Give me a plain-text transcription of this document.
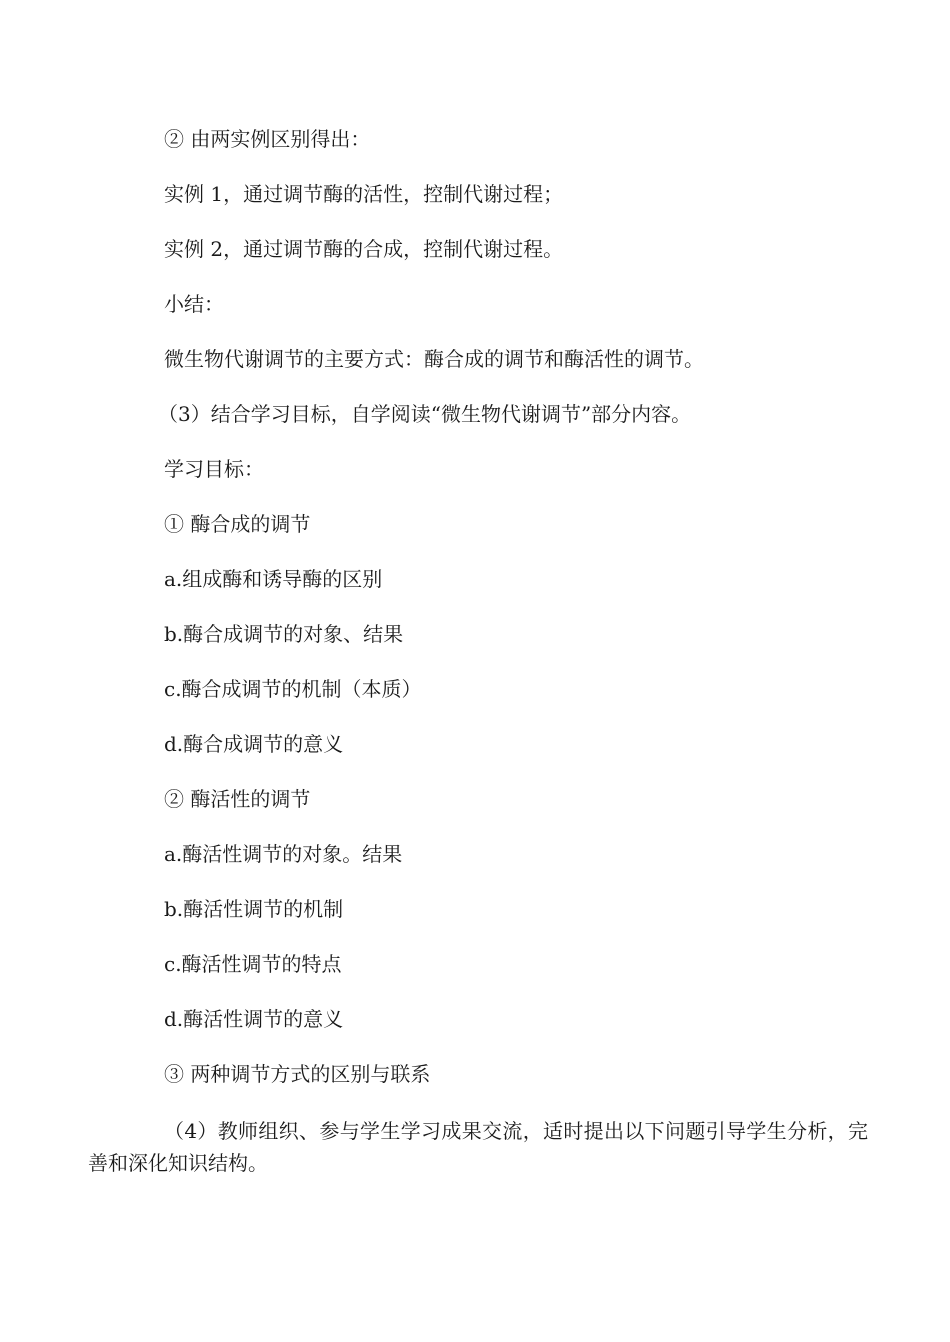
② 由两实例区别得出：
实例 1，通过调节酶的活性，控制代谢过程；
实例 2，通过调节酶的合成，控制代谢过程。
小结：
微生物代谢调节的主要方式：酶合成的调节和酶活性的调节。
（3）结合学习目标，自学阅读“微生物代谢调节”部分内容。
学习目标：
① 酶合成的调节
a.组成酶和诱导酶的区别
b.酶合成调节的对象、结果
c.酶合成调节的机制（本质）
d.酶合成调节的意义
② 酶活性的调节
a.酶活性调节的对象。结果
b.酶活性调节的机制
c.酶活性调节的特点
d.酶活性调节的意义
③ 两种调节方式的区别与联系
（4）教师组织、参与学生学习成果交流，适时提出以下问题引导学生分析，完善和深化知识结构。
